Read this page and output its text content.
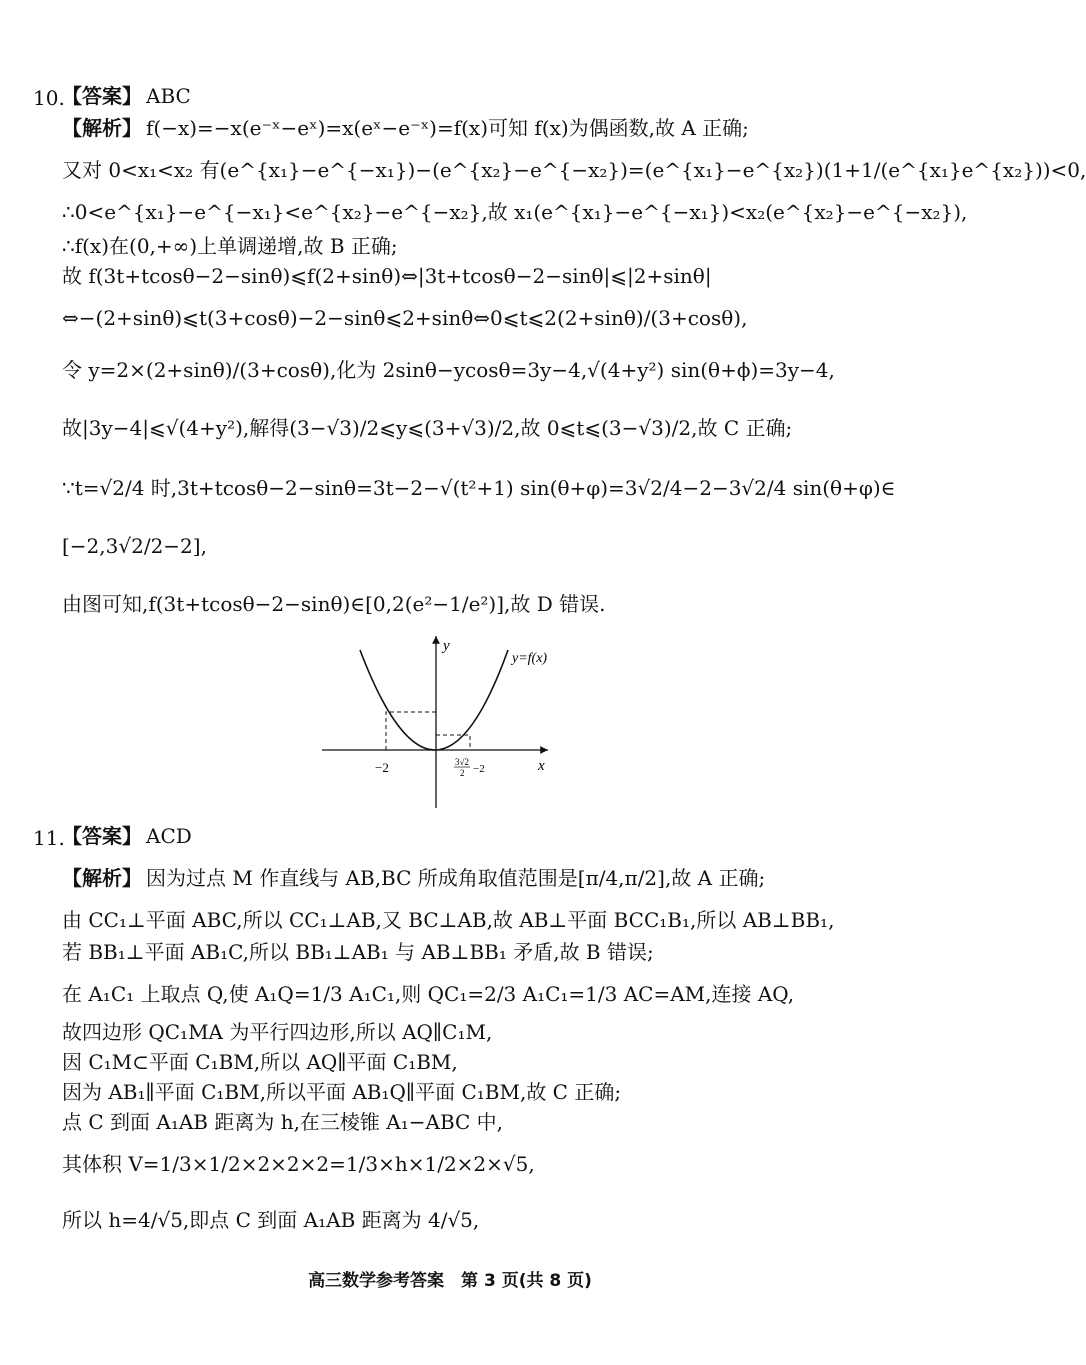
10.
【答案】 ABC
【解析】 f(−x)=−x(e⁻ˣ−eˣ)=x(eˣ−e⁻ˣ)=f(x)可知 f(x)为偶函数,故 A 正确;
又对 0<x₁<x₂ 有(e^{x₁}−e^{−x₁})−(e^{x₂}−e^{−x₂})=(e^{x₁}−e^{x₂})(1+1/(e^{x₁}e^{x₂}))<0,
∴0<e^{x₁}−e^{−x₁}<e^{x₂}−e^{−x₂},故 x₁(e^{x₁}−e^{−x₁})<x₂(e^{x₂}−e^{−x₂}),
∴f(x)在(0,+∞)上单调递增,故 B 正确;
故 f(3t+tcosθ−2−sinθ)⩽f(2+sinθ)⇔|3t+tcosθ−2−sinθ|⩽|2+sinθ|
⇔−(2+sinθ)⩽t(3+cosθ)−2−sinθ⩽2+sinθ⇔0⩽t⩽2(2+sinθ)/(3+cosθ),
令 y=2×(2+sinθ)/(3+cosθ),化为 2sinθ−ycosθ=3y−4,√(4+y²) sin(θ+ϕ)=3y−4,
故|3y−4|⩽√(4+y²),解得(3−√3)/2⩽y⩽(3+√3)/2,故 0⩽t⩽(3−√3)/2,故 C 正确;
∵t=√2/4 时,3t+tcosθ−2−sinθ=3t−2−√(t²+1) sin(θ+φ)=3√2/4−2−3√2/4 sin(θ+φ)∈
[−2,3√2/2−2],
由图可知,f(3t+tcosθ−2−sinθ)∈[0,2(e²−1/e²)],故 D 错误.
y
y=f(x)
x
−2	3√2
2 −2
11.
【答案】 ACD
【解析】 因为过点 M 作直线与 AB,BC 所成角取值范围是[π/4,π/2],故 A 正确;
由 CC₁⊥平面 ABC,所以 CC₁⊥AB,又 BC⊥AB,故 AB⊥平面 BCC₁B₁,所以 AB⊥BB₁,
若 BB₁⊥平面 AB₁C,所以 BB₁⊥AB₁ 与 AB⊥BB₁ 矛盾,故 B 错误;
在 A₁C₁ 上取点 Q,使 A₁Q=1/3 A₁C₁,则 QC₁=2/3 A₁C₁=1/3 AC=AM,连接 AQ,
故四边形 QC₁MA 为平行四边形,所以 AQ∥C₁M,
因 C₁M⊂平面 C₁BM,所以 AQ∥平面 C₁BM,
因为 AB₁∥平面 C₁BM,所以平面 AB₁Q∥平面 C₁BM,故 C 正确;
点 C 到面 A₁AB 距离为 h,在三棱锥 A₁−ABC 中,
其体积 V=1/3×1/2×2×2×2=1/3×h×1/2×2×√5,
所以 h=4/√5,即点 C 到面 A₁AB 距离为 4/√5,
高三数学参考答案　第 3 页(共 8 页)
